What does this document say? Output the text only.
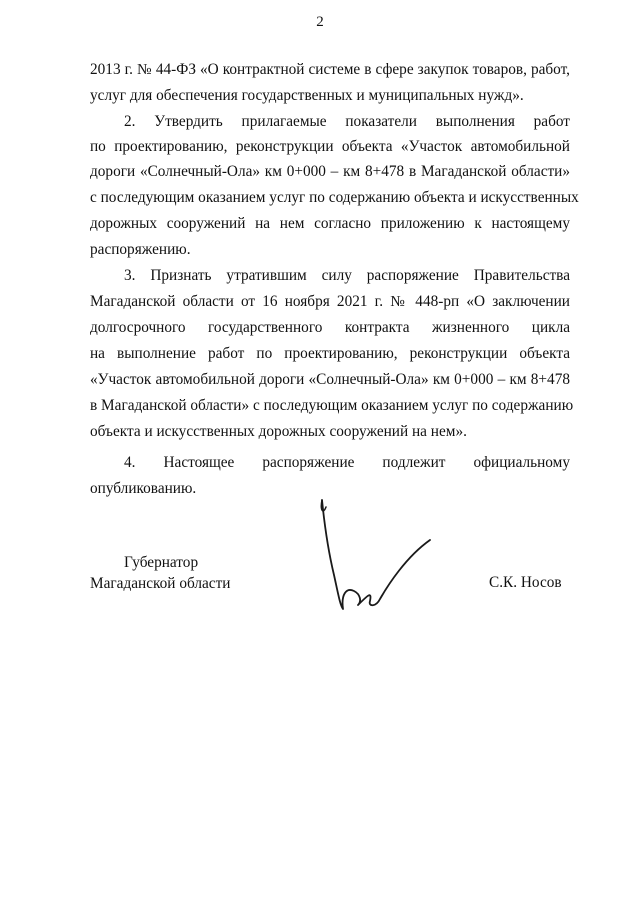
2
2013 г. № 44-ФЗ «О контрактной системе в сфере закупок товаров, работ,
услуг для обеспечения государственных и муниципальных нужд».
2. Утвердить прилагаемые показатели выполнения работ
по проектированию, реконструкции объекта «Участок автомобильной
дороги «Солнечный-Ола» км 0+000 – км 8+478 в Магаданской области»
с последующим оказанием услуг по содержанию объекта и искусственных
дорожных сооружений на нем согласно приложению к настоящему
распоряжению.
3. Признать утратившим силу распоряжение Правительства
Магаданской области от 16 ноября 2021 г. № 448-рп «О заключении
долгосрочного государственного контракта жизненного цикла
на выполнение работ по проектированию, реконструкции объекта
«Участок автомобильной дороги «Солнечный-Ола» км 0+000 – км 8+478
в Магаданской области» с последующим оказанием услуг по содержанию
объекта и искусственных дорожных сооружений на нем».
4. Настоящее распоряжение подлежит официальному
опубликованию.
Губернатор
Магаданской области	С.К. Носов
